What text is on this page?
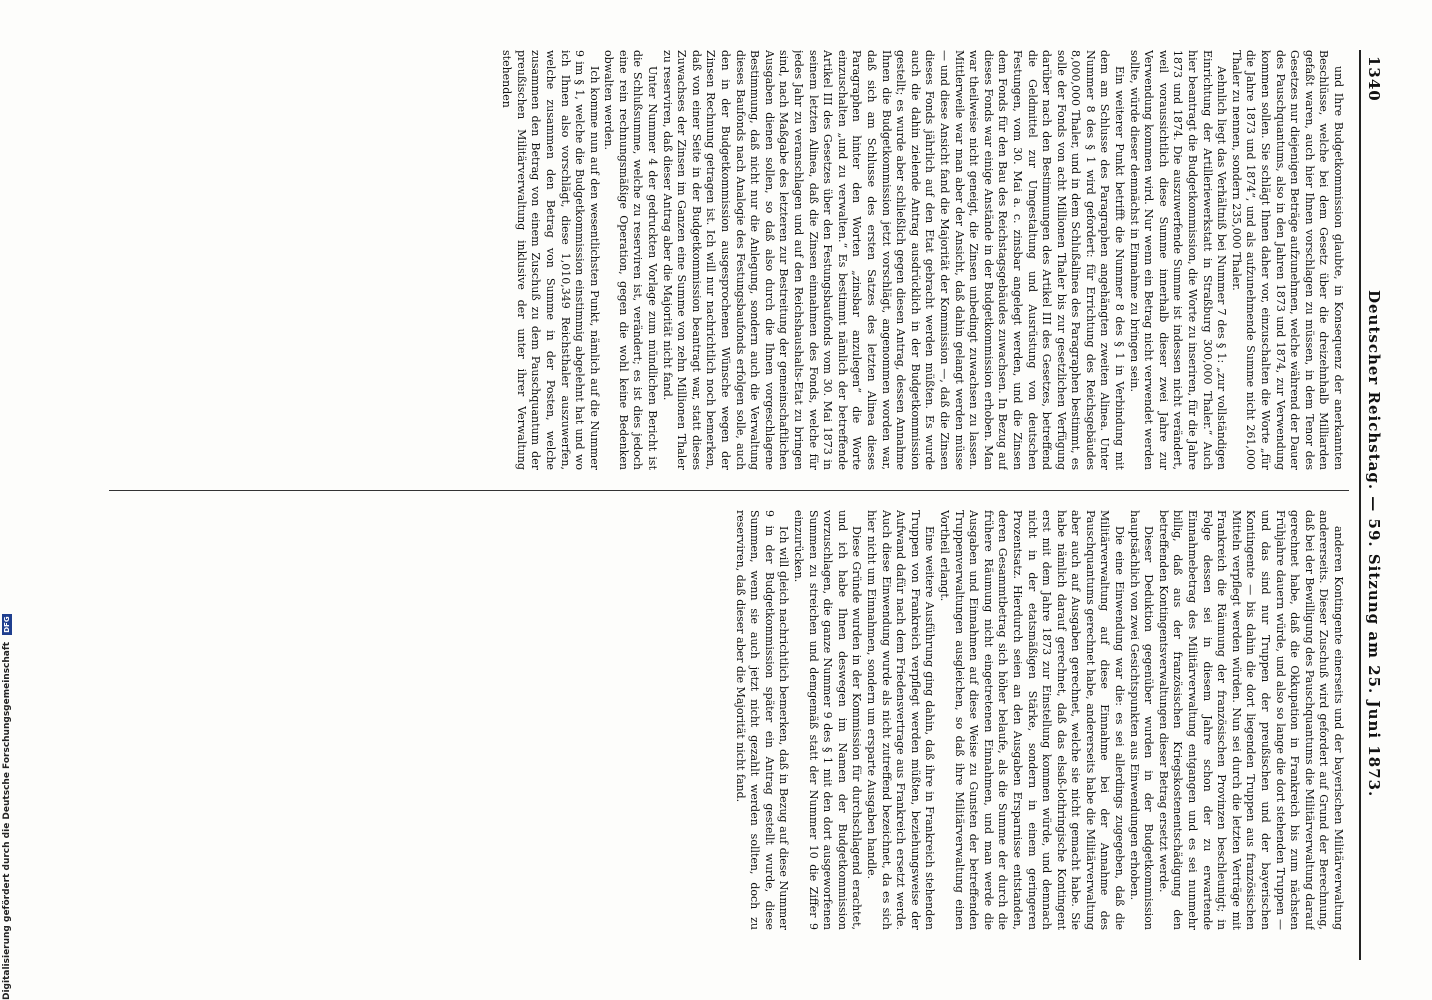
1340
Deutscher Reichstag. — 59. Sitzung am 25. Juni 1873.

und Ihre Budgetkommission glaubte, in Konsequenz der anerkannten Beschlüsse, welche bei dem Gesetz über die dreizehnhalb Milliarden gefaßt waren, auch hier Ihnen vorschlagen zu müssen, in dem Tenor des Gesetzes nur diejenigen Beträge aufzunehmen, welche während der Dauer des Pauschquantums, also in den Jahren 1873 und 1874, zur Verwendung kommen sollen. Sie schlägt Ihnen daher vor, einzuschalten die Worte „für die Jahre 1873 und 1874“, und als aufzunehmende Summe nicht 261,000 Thaler zu nennen, sondern 235,000 Thaler.

Aehnlich liegt das Verhältniß bei Nummer 7 des § 1: „zur vollständigen Einrichtung der Artilleriewerkstatt in Straßburg 300,000 Thaler.“ Auch hier beantragt die Budgetkommission, die Worte zu inseriren, für die Jahre 1873 und 1874. Die auszuwerfende Summe ist indessen nicht verändert, weil voraussichtlich diese Summe innerhalb dieser zwei Jahre zur Verwendung kommen wird. Nur wenn ein Betrag nicht verwendet werden sollte, würde dieser demnächst in Einnahme zu bringen sein.

Ein weiterer Punkt betrifft die Nummer 8 des § 1 in Verbindung mit dem am Schlusse des Paragraphen angehängten zweiten Alinea. Unter Nummer 8 des § 1 wird gefordert: für Errichtung des Reichsgebäudes 8,000,000 Thaler, und in dem Schlußalinea des Paragraphen bestimmt, es solle der Fonds von acht Millionen Thaler bis zur gesetzlichen Verfügung darüber nach den Bestimmungen des Artikel III des Gesetzes, betreffend die Geldmittel zur Umgestaltung und Ausrüstung von deutschen Festungen, vom 30. Mai a. c. zinsbar angelegt werden, und die Zinsen dem Fonds für den Bau des Reichstagsgebäudes zuwachsen. In Bezug auf dieses Fonds war einige Anstände in der Budgetkommission erhoben. Man war theilweise nicht geneigt, die Zinsen unbedingt zuwachsen zu lassen. Mittlerweile war man aber der Ansicht, daß dahin gelangt werden müsse — und diese Ansicht fand die Majorität der Kommission —, daß die Zinsen dieses Fonds jährlich auf den Etat gebracht werden müßten. Es wurde auch die dahin zielende Antrag ausdrücklich in der Budgetkommission gestellt; es wurde aber schließlich gegen diesen Antrag, dessen Annahme Ihnen die Budgetkommission jetzt vorschlägt, angenommen worden war, daß sich am Schlusse des ersten Satzes des letzten Alinea dieses Paragraphen hinter den Worten „zinsbar anzulegen“ die Worte einzuschalten „und zu verwalten.“ Es bestimmt nämlich der betreffende Artikel III des Gesetzes über den Festungsbaufonds vom 30. Mai 1873 in seinem letzten Alinea, daß die Zinsen einnahmen des Fonds, welche für jedes Jahr zu veranschlagen und auf den Reichshaushalts-Etat zu bringen sind, nach Maßgabe des letzteren zur Bestreitung der gemeinschaftlichen Ausgaben dienen sollen, so daß also durch die Ihnen vorgeschlagene Bestimmung, daß nicht nur die Anlegung, sondern auch die Verwaltung dieses Baufonds nach Analogie des Festungsbaufonds erfolgen solle, auch den in der Budgetkommission ausgesprochenen Wünsche wegen der Zinsen Rechnung getragen ist. Ich will nur nachrichtlich noch bemerken, daß von einer Seite in der Budgetkommission beantragt war, statt dieses Zuwachses der Zinsen im Ganzen eine Summe von zehn Millionen Thaler zu reserviren, daß dieser Antrag aber die Majorität nicht fand.

Unter Nummer 4 der gedruckten Vorlage zum mündlichen Bericht ist die Schlußsumme, welche zu reserviren ist, verändert; es ist dies jedoch eine rein rechnungsmäßige Operation, gegen die wohl keine Bedenken obwalten werden.

Ich komme nun auf den wesentlichsten Punkt, nämlich auf die Nummer 9 im § 1, welche die Budgetkommission einstimmig abgelehnt hat und wo ich Ihnen also vorschlägt, diese 1,010,349 Reichsthaler auszuwerfen, welche zusammen den Betrag von Summe in der Posten, welche zusammen den Betrag von einem Zuschuß zu dem Pauschquantum der preußischen Militärverwaltung inklusive der unter ihrer Verwaltung stehenden

anderen Kontingente einerseits und der bayerischen Militärverwaltung andererseits. Dieser Zuschuß wird gefordert auf Grund der Berechnung, daß bei der Bewilligung des Pauschquantums die Militärverwaltung darauf gerechnet habe, daß die Okkupation in Frankreich bis zum nächsten Frühjahre dauern würde, und also so lange die dort stehenden Truppen — und das sind nur Truppen der preußischen und der bayerischen Kontingente — bis dahin die dort liegenden Truppen aus französischen Mitteln verpflegt werden würden. Nun sei durch die letzten Verträge mit Frankreich die Räumung der französischen Provinzen beschleunigt; in Folge dessen sei in diesem Jahre schon der zu erwartende Einnahmebetrag des Militärverwaltung entgangen und es sei nunmehr billig, daß aus der französischen Kriegskostenentschädigung den betreffenden Kontingentsverwaltungen dieser Betrag ersetzt werde.

Dieser Deduktion gegenüber wurden in der Budgetkommission hauptsächlich von zwei Gesichtspunkten aus Einwendungen erhoben.

Die eine Einwendung war die: es sei allerdings zugegeben, daß die Militärverwaltung auf diese Einnahme bei der Annahme des Pauschquantums gerechnet habe, andererseits habe die Militärverwaltung aber auch auf Ausgaben gerechnet, welche sie nicht gemacht habe. Sie habe nämlich darauf gerechnet, daß das elsaß-lothringische Kontingent erst mit dem Jahre 1873 zur Einstellung kommen würde, und demnach nicht in der etatsmäßigen Stärke, sondern in einem geringeren Prozentsatz. Hierdurch seien an den Ausgaben Ersparnisse entstanden, deren Gesammtbetrag sich höher belaufe, als die Summe der durch die frühere Räumung nicht eingetretenen Einnahmen, und man werde die Ausgaben und Einnahmen auf diese Weise zu Gunsten der betreffenden Truppenverwaltungen ausgleichen, so daß ihre Militärverwaltung einen Vortheil erlangt.

Eine weitere Ausführung ging dahin, daß ihre in Frankreich stehenden Truppen von Frankreich verpflegt werden müßten, beziehungsweise der Aufwand dafür nach dem Friedensvertrage aus Frankreich ersetzt werde. Auch diese Einwendung wurde als nicht zutreffend bezeichnet, da es sich hier nicht um Einnahmen, sondern um ersparte Ausgaben handle.

Diese Gründe wurden in der Kommission für durchschlagend erachtet, und ich habe Ihnen deswegen im Namen der Budgetkommission vorzuschlagen, die ganze Nummer 9 des § 1 mit den dort ausgeworfenen Summen zu streichen und demgemäß statt der Nummer 10 die Ziffer 9 einzurücken.

Ich will gleich nachrichtlich bemerken, daß in Bezug auf diese Nummer 9 in der Budgetkommission später ein Antrag gestellt wurde, diese Summen, wenn sie auch jetzt nicht gezahlt werden sollten, doch zu reserviren, daß dieser aber die Majorität nicht fand.

Digitalisierung gefördert durch die Deutsche Forschungsgemeinschaft DFG
